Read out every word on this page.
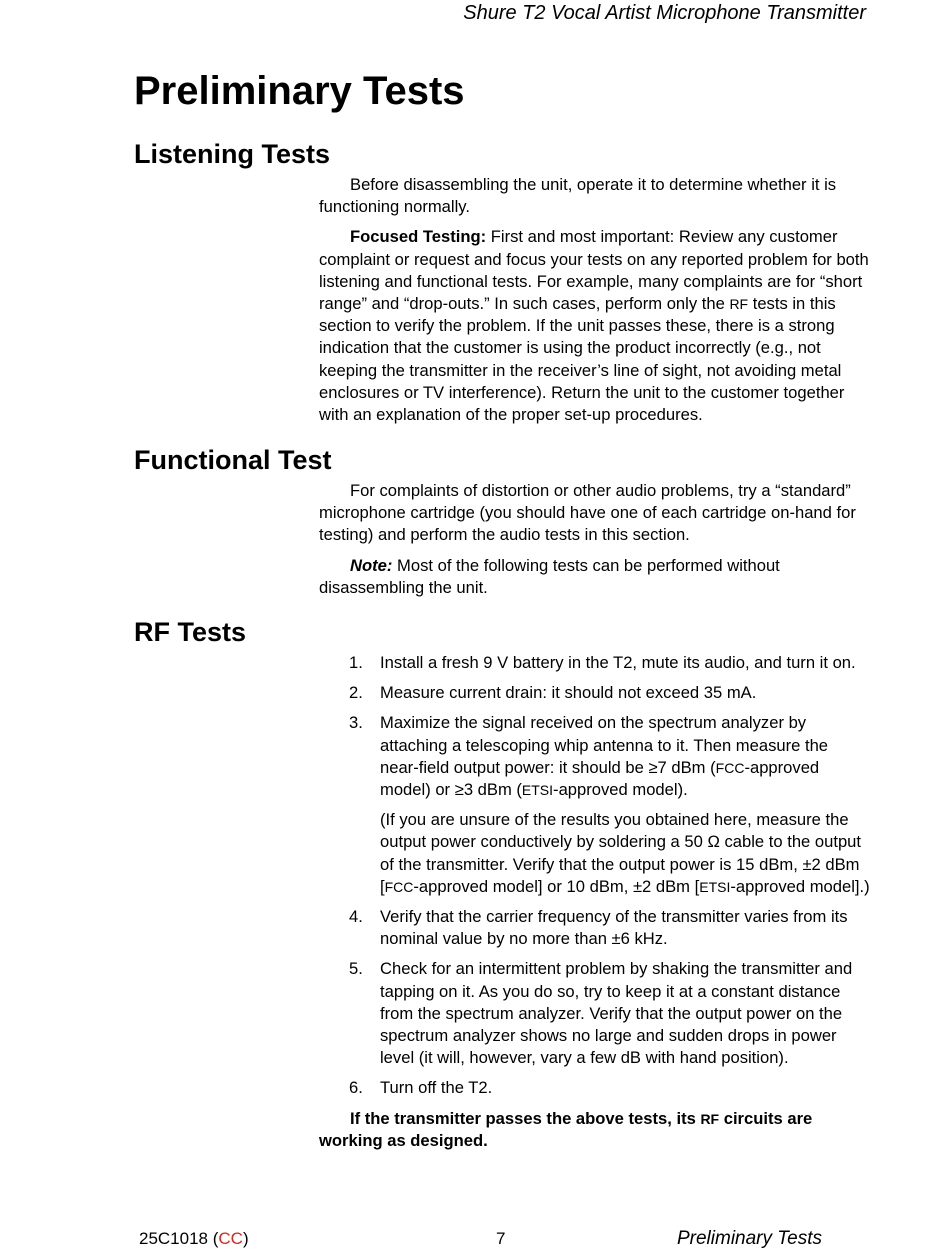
Shure T2 Vocal Artist Microphone Transmitter
Preliminary Tests
Listening Tests

Before disassembling the unit, operate it to determine whether it is functioning normally.

Focused Testing: First and most important: Review any customer complaint or request and focus your tests on any reported problem for both listening and functional tests. For example, many complaints are for “short range” and “drop-outs.” In such cases, perform only the RF tests in this section to verify the problem. If the unit passes these, there is a strong indication that the customer is using the product incorrectly (e.g., not keeping the transmitter in the receiver’s line of sight, not avoiding metal enclosures or TV interference). Return the unit to the customer together with an explanation of the proper set-up procedures.

Functional Test

For complaints of distortion or other audio problems, try a “standard” microphone cartridge (you should have one of each cartridge on-hand for testing) and perform the audio tests in this section.

Note: Most of the following tests can be performed without disassembling the unit.

RF Tests
1. Install a fresh 9 V battery in the T2, mute its audio, and turn it on.
2. Measure current drain: it should not exceed 35 mA.
3. Maximize the signal received on the spectrum analyzer by attaching a telescoping whip antenna to it. Then measure the near-field output power: it should be ≥7 dBm (FCC-approved model) or ≥3 dBm (ETSI-approved model).

(If you are unsure of the results you obtained here, measure the output power conductively by soldering a 50 Ω cable to the output of the transmitter. Verify that the output power is 15 dBm, ±2 dBm [FCC-approved model] or 10 dBm, ±2 dBm [ETSI-approved model].)

4. Verify that the carrier frequency of the transmitter varies from its nominal value by no more than ±6 kHz.
5. Check for an intermittent problem by shaking the transmitter and tapping on it. As you do so, try to keep it at a constant distance from the spectrum analyzer. Verify that the output power on the spectrum analyzer shows no large and sudden drops in power level (it will, however, vary a few dB with hand position).
6. Turn off the T2.

If the transmitter passes the above tests, its RF circuits are working as designed.

25C1018 (CC)	7	Preliminary Tests
